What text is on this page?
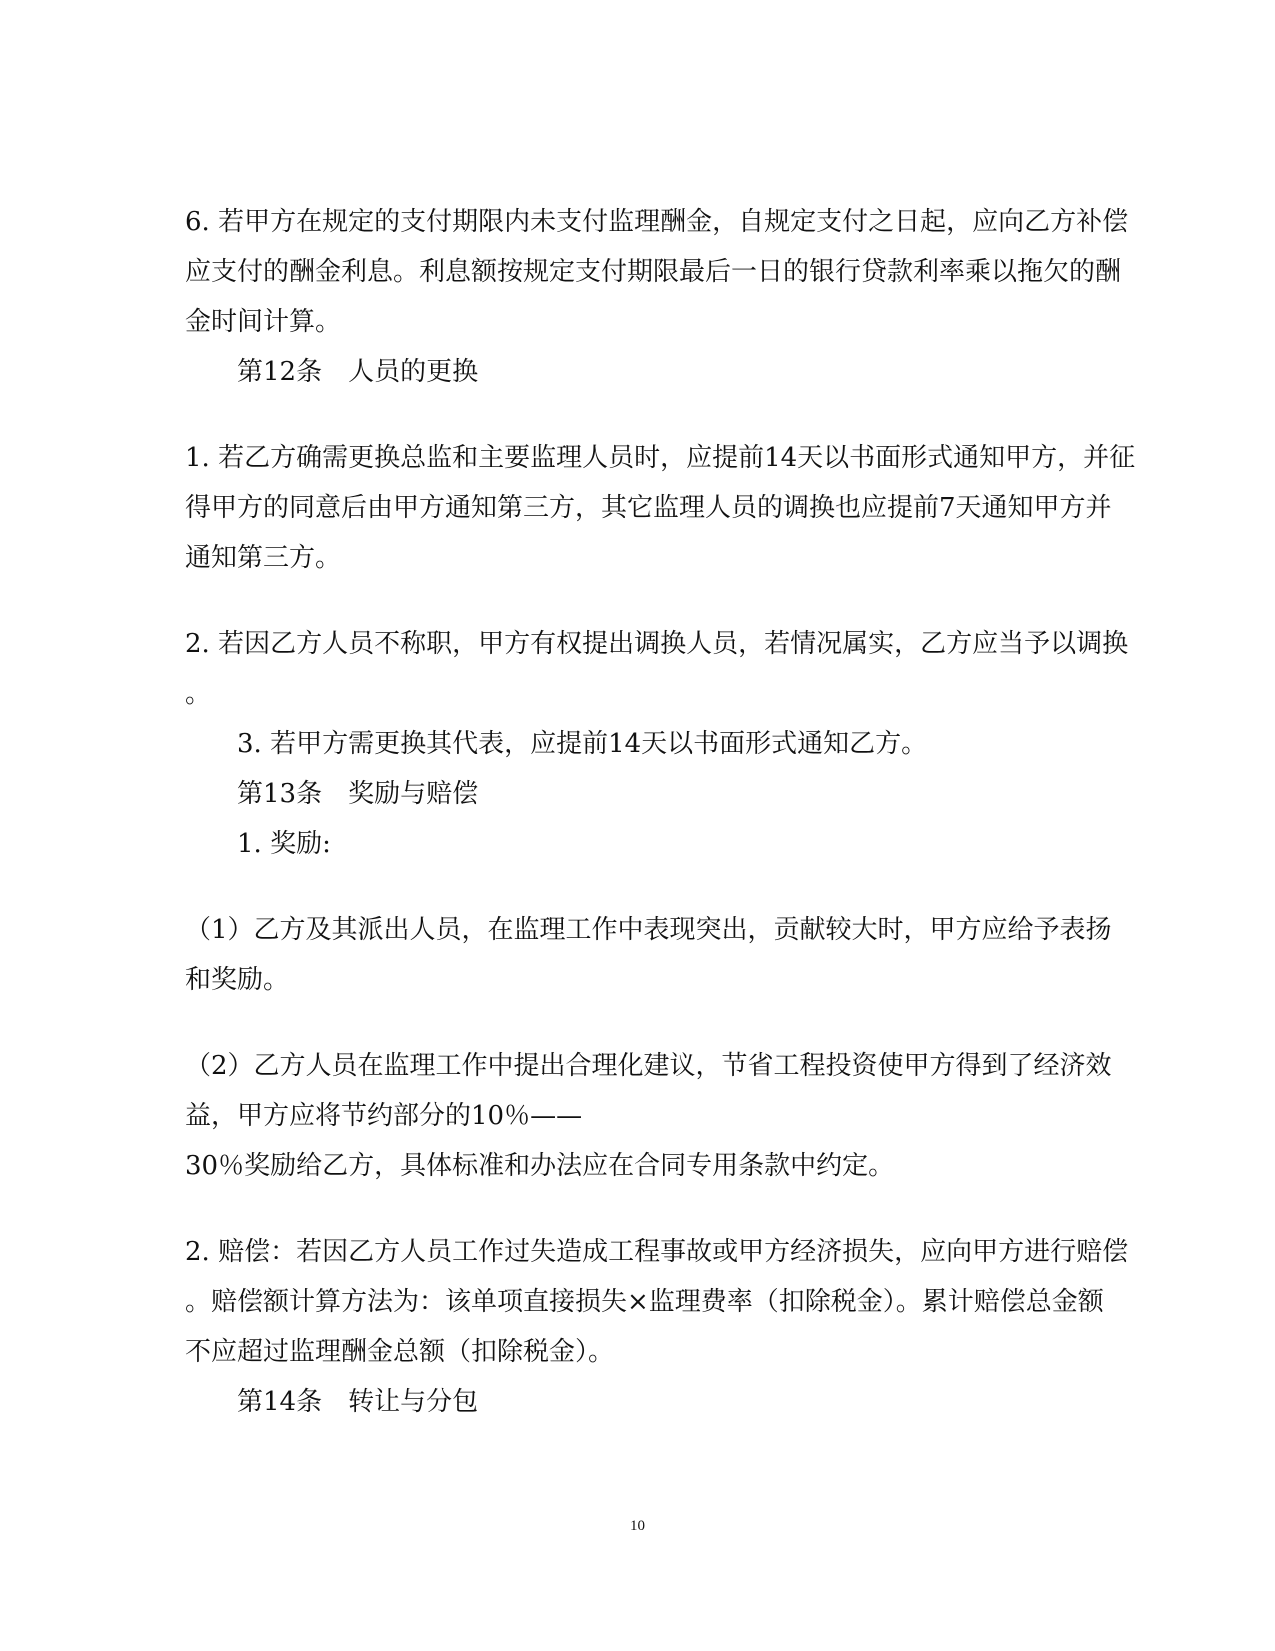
6. 若甲方在规定的支付期限内未支付监理酬金，自规定支付之日起，应向乙方补偿

应支付的酬金利息。利息额按规定支付期限最后一日的银行贷款利率乘以拖欠的酬

金时间计算。

第12条　人员的更换

1. 若乙方确需更换总监和主要监理人员时，应提前14天以书面形式通知甲方，并征

得甲方的同意后由甲方通知第三方，其它监理人员的调换也应提前7天通知甲方并

通知第三方。

2. 若因乙方人员不称职，甲方有权提出调换人员，若情况属实，乙方应当予以调换

。

3. 若甲方需更换其代表，应提前14天以书面形式通知乙方。

第13条　奖励与赔偿

1. 奖励:

（1）乙方及其派出人员，在监理工作中表现突出，贡献较大时，甲方应给予表扬

和奖励。

（2）乙方人员在监理工作中提出合理化建议，节省工程投资使甲方得到了经济效

益，甲方应将节约部分的10％——

30％奖励给乙方，具体标准和办法应在合同专用条款中约定。

2. 赔偿：若因乙方人员工作过失造成工程事故或甲方经济损失，应向甲方进行赔偿

。赔偿额计算方法为：该单项直接损失×监理费率（扣除税金）。累计赔偿总金额

不应超过监理酬金总额（扣除税金）。

第14条　转让与分包

10
